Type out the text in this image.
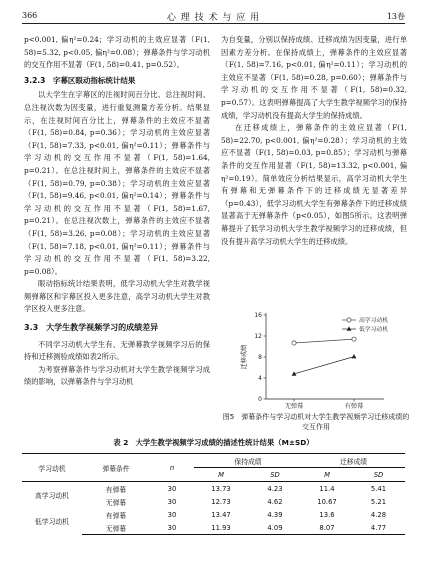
366	心 理 技 术 与 应 用	13卷

p<0.001, 偏η²=0.24；学习动机的主效应显著（F(1, 58)=5.32, p<0.05, 偏η²=0.08）；弹幕条件与学习动机的交互作用不显著（F(1, 58)=0.41, p=0.52）。

3.2.3　字幕区眼动指标统计结果

以大学生在字幕区的注视时间百分比、总注视时间、总注视次数为因变量，进行重复测量方差分析。结果显示，在注视时间百分比上，弹幕条件的主效应不显著（F(1, 58)=0.84, p=0.36）；学习动机的主效应显著（F(1, 58)=7.33, p<0.01, 偏η²=0.11）；弹幕条件与学习动机的交互作用不显著（F(1, 58)=1.64, p=0.21）。在总注视时间上，弹幕条件的主效应不显著（F(1, 58)=0.79, p=0.38）；学习动机的主效应显著（F(1, 58)=9.46, p<0.01, 偏η²=0.14）；弹幕条件与学习动机的交互作用不显著（F(1, 58)=1.67, p=0.21）。在总注视次数上，弹幕条件的主效应不显著（F(1, 58)=3.26, p=0.08）；学习动机的主效应显著（F(1, 58)=7.18, p<0.01, 偏η²=0.11）；弹幕条件与学习动机的交互作用不显著（F(1, 58)=3.22, p=0.08）。

眼动指标统计结果表明，低学习动机大学生对教学视频弹幕区和字幕区投入更多注意，高学习动机大学生对教学区投入更多注意。

3.3　大学生教学视频学习的成绩差异

不同学习动机大学生有、无弹幕教学视频学习后的保持和迁移测验成绩如表2所示。

为考察弹幕条件与学习动机对大学生教学视频学习成绩的影响，以弹幕条件与学习动机

为自变量，分别以保持成绩、迁移成绩为因变量，进行单因素方差分析。在保持成绩上，弹幕条件的主效应显著（F(1, 58)=7.16, p<0.01, 偏η²=0.11）；学习动机的主效应不显著（F(1, 58)=0.28, p=0.60）；弹幕条件与学习动机的交互作用不显著（F(1, 58)=0.32, p=0.57）。这表明弹幕提高了大学生教学视频学习的保持成绩，学习动机没有提高大学生的保持成绩。

在迁移成绩上，弹幕条件的主效应显著（F(1, 58)=22.70, p<0.001, 偏η²=0.28）；学习动机的主效应不显著（F(1, 58)=0.03, p=0.85）；学习动机与弹幕条件的交互作用显著（F(1, 58)=13.32, p<0.001, 偏η²=0.19）。简单效应分析结果显示，高学习动机大学生有弹幕和无弹幕条件下的迁移成绩无显著差异（p=0.43），低学习动机大学生有弹幕条件下的迁移成绩显著高于无弹幕条件（p<0.05），如图5所示。这表明弹幕提升了低学习动机大学生教学视频学习的迁移成绩，但没有提升高学习动机大学生的迁移成绩。

0
4
8
12
16
无弹幕	有弹幕
高学习动机
低学习动机
迁移成绩
图5　弹幕条件与学习动机对大学生教学视频学习迁移成绩的交互作用
表 2　大学生教学视频学习成绩的描述性统计结果（M±SD）
学习动机	弹幕条件	n	保持成绩		迁移成绩	
			M	SD	M	SD
高学习动机	有弹幕	30	13.73	4.23	11.4	5.41
	无弹幕	30	12.73	4.62	10.67	5.21
低学习动机	有弹幕	30	13.47	4.39	13.6	4.28
	无弹幕	30	11.93	4.09	8.07	4.77
